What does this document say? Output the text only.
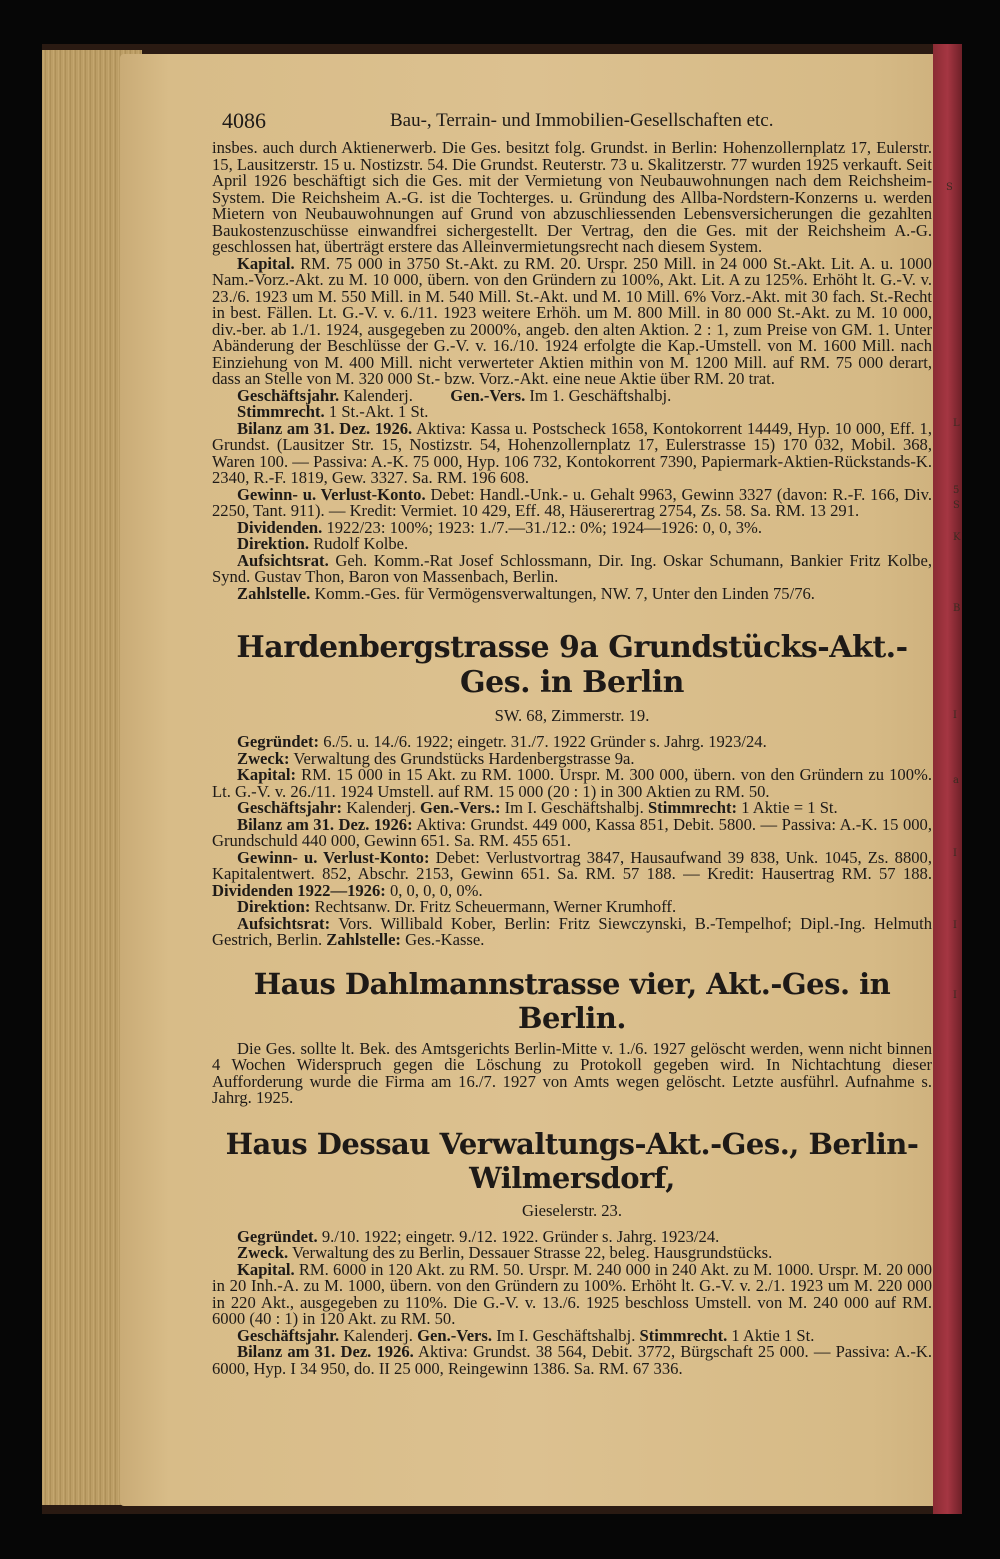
S
L
5
S
K
B
I
a
I
I
I
4086	Bau-, Terrain- und Immobilien-Gesellschaften etc.

insbes. auch durch Aktienerwerb. Die Ges. besitzt folg. Grundst. in Berlin: Hohenzollernplatz 17, Eulerstr. 15, Lausitzerstr. 15 u. Nostizstr. 54. Die Grundst. Reuterstr. 73 u. Skalitzerstr. 77 wurden 1925 verkauft. Seit April 1926 beschäftigt sich die Ges. mit der Vermietung von Neubauwohnungen nach dem Reichsheim-System. Die Reichsheim A.-G. ist die Tochterges. u. Gründung des Allba-Nordstern-Konzerns u. werden Mietern von Neubauwohnungen auf Grund von abzuschliessenden Lebensversicherungen die gezahlten Baukostenzuschüsse einwandfrei sichergestellt. Der Vertrag, den die Ges. mit der Reichsheim A.-G. geschlossen hat, überträgt erstere das Alleinvermietungsrecht nach diesem System.

Kapital. RM. 75 000 in 3750 St.-Akt. zu RM. 20. Urspr. 250 Mill. in 24 000 St.-Akt. Lit. A. u. 1000 Nam.-Vorz.-Akt. zu M. 10 000, übern. von den Gründern zu 100%, Akt. Lit. A zu 125%. Erhöht lt. G.-V. v. 23./6. 1923 um M. 550 Mill. in M. 540 Mill. St.-Akt. und M. 10 Mill. 6% Vorz.-Akt. mit 30 fach. St.-Recht in best. Fällen. Lt. G.-V. v. 6./11. 1923 weitere Erhöh. um M. 800 Mill. in 80 000 St.-Akt. zu M. 10 000, div.-ber. ab 1./1. 1924, ausgegeben zu 2000%, angeb. den alten Aktion. 2 : 1, zum Preise von GM. 1. Unter Abänderung der Beschlüsse der G.-V. v. 16./10. 1924 erfolgte die Kap.-Umstell. von M. 1600 Mill. nach Einziehung von M. 400 Mill. nicht verwerteter Aktien mithin von M. 1200 Mill. auf RM. 75 000 derart, dass an Stelle von M. 320 000 St.- bzw. Vorz.-Akt. eine neue Aktie über RM. 20 trat.

Geschäftsjahr. Kalenderj. Gen.-Vers. Im 1. Geschäftshalbj.

Stimmrecht. 1 St.-Akt. 1 St.

Bilanz am 31. Dez. 1926. Aktiva: Kassa u. Postscheck 1658, Kontokorrent 14449, Hyp. 10 000, Eff. 1, Grundst. (Lausitzer Str. 15, Nostizstr. 54, Hohenzollernplatz 17, Eulerstrasse 15) 170 032, Mobil. 368, Waren 100. — Passiva: A.-K. 75 000, Hyp. 106 732, Kontokorrent 7390, Papiermark-Aktien-Rückstands-K. 2340, R.-F. 1819, Gew. 3327. Sa. RM. 196 608.

Gewinn- u. Verlust-Konto. Debet: Handl.-Unk.- u. Gehalt 9963, Gewinn 3327 (davon: R.-F. 166, Div. 2250, Tant. 911). — Kredit: Vermiet. 10 429, Eff. 48, Häuserertrag 2754, Zs. 58. Sa. RM. 13 291.

Dividenden. 1922/23: 100%; 1923: 1./7.—31./12.: 0%; 1924—1926: 0, 0, 3%.

Direktion. Rudolf Kolbe.

Aufsichtsrat. Geh. Komm.-Rat Josef Schlossmann, Dir. Ing. Oskar Schumann, Bankier Fritz Kolbe, Synd. Gustav Thon, Baron von Massenbach, Berlin.

Zahlstelle. Komm.-Ges. für Vermögensverwaltungen, NW. 7, Unter den Linden 75/76.

Hardenbergstrasse 9a Grundstücks-Akt.-Ges. in Berlin
SW. 68, Zimmerstr. 19.

Gegründet: 6./5. u. 14./6. 1922; eingetr. 31./7. 1922 Gründer s. Jahrg. 1923/24.

Zweck: Verwaltung des Grundstücks Hardenbergstrasse 9a.

Kapital: RM. 15 000 in 15 Akt. zu RM. 1000. Urspr. M. 300 000, übern. von den Gründern zu 100%. Lt. G.-V. v. 26./11. 1924 Umstell. auf RM. 15 000 (20 : 1) in 300 Aktien zu RM. 50.

Geschäftsjahr: Kalenderj. Gen.-Vers.: Im I. Geschäftshalbj. Stimmrecht: 1 Aktie = 1 St.

Bilanz am 31. Dez. 1926: Aktiva: Grundst. 449 000, Kassa 851, Debit. 5800. — Passiva: A.-K. 15 000, Grundschuld 440 000, Gewinn 651. Sa. RM. 455 651.

Gewinn- u. Verlust-Konto: Debet: Verlustvortrag 3847, Hausaufwand 39 838, Unk. 1045, Zs. 8800, Kapitalentwert. 852, Abschr. 2153, Gewinn 651. Sa. RM. 57 188. — Kredit: Hausertrag RM. 57 188. Dividenden 1922—1926: 0, 0, 0, 0, 0%.

Direktion: Rechtsanw. Dr. Fritz Scheuermann, Werner Krumhoff.

Aufsichtsrat: Vors. Willibald Kober, Berlin: Fritz Siewczynski, B.-Tempelhof; Dipl.-Ing. Helmuth Gestrich, Berlin. Zahlstelle: Ges.-Kasse.

Haus Dahlmannstrasse vier, Akt.-Ges. in Berlin.

Die Ges. sollte lt. Bek. des Amtsgerichts Berlin-Mitte v. 1./6. 1927 gelöscht werden, wenn nicht binnen 4 Wochen Widerspruch gegen die Löschung zu Protokoll gegeben wird. In Nichtachtung dieser Aufforderung wurde die Firma am 16./7. 1927 von Amts wegen gelöscht. Letzte ausführl. Aufnahme s. Jahrg. 1925.

Haus Dessau Verwaltungs-Akt.-Ges., Berlin-Wilmersdorf,
Gieselerstr. 23.

Gegründet. 9./10. 1922; eingetr. 9./12. 1922. Gründer s. Jahrg. 1923/24.

Zweck. Verwaltung des zu Berlin, Dessauer Strasse 22, beleg. Hausgrundstücks.

Kapital. RM. 6000 in 120 Akt. zu RM. 50. Urspr. M. 240 000 in 240 Akt. zu M. 1000. Urspr. M. 20 000 in 20 Inh.-A. zu M. 1000, übern. von den Gründern zu 100%. Erhöht lt. G.-V. v. 2./1. 1923 um M. 220 000 in 220 Akt., ausgegeben zu 110%. Die G.-V. v. 13./6. 1925 beschloss Umstell. von M. 240 000 auf RM. 6000 (40 : 1) in 120 Akt. zu RM. 50.

Geschäftsjahr. Kalenderj. Gen.-Vers. Im I. Geschäftshalbj. Stimmrecht. 1 Aktie 1 St.

Bilanz am 31. Dez. 1926. Aktiva: Grundst. 38 564, Debit. 3772, Bürgschaft 25 000. — Passiva: A.-K. 6000, Hyp. I 34 950, do. II 25 000, Reingewinn 1386. Sa. RM. 67 336.
